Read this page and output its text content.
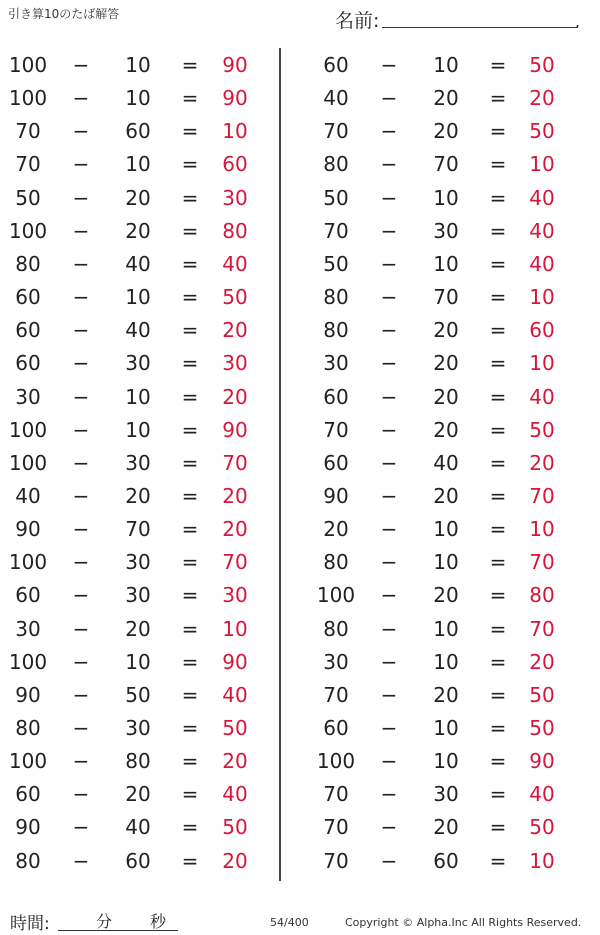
引き算10のたば解答	名前:	.
100	−	10	=	90
100	−	10	=	90
70	−	60	=	10
70	−	10	=	60
50	−	20	=	30
100	−	20	=	80
80	−	40	=	40
60	−	10	=	50
60	−	40	=	20
60	−	30	=	30
30	−	10	=	20
100	−	10	=	90
100	−	30	=	70
40	−	20	=	20
90	−	70	=	20
100	−	30	=	70
60	−	30	=	30
30	−	20	=	10
100	−	10	=	90
90	−	50	=	40
80	−	30	=	50
100	−	80	=	20
60	−	20	=	40
90	−	40	=	50
80	−	60	=	20
60	−	10	=	50
40	−	20	=	20
70	−	20	=	50
80	−	70	=	10
50	−	10	=	40
70	−	30	=	40
50	−	10	=	40
80	−	70	=	10
80	−	20	=	60
30	−	20	=	10
60	−	20	=	40
70	−	20	=	50
60	−	40	=	20
90	−	20	=	70
20	−	10	=	10
80	−	10	=	70
100	−	20	=	80
80	−	10	=	70
30	−	10	=	20
70	−	20	=	50
60	−	10	=	50
100	−	10	=	90
70	−	30	=	40
70	−	20	=	50
70	−	60	=	10
時間:	分 秒	54/400	Copyright © Alpha.Inc All Rights Reserved.
